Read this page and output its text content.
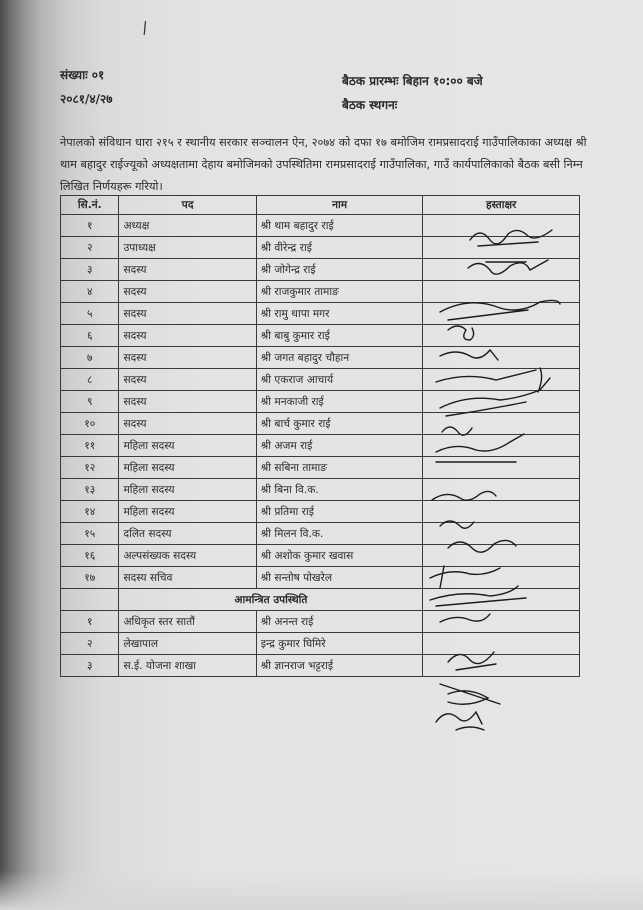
/
संख्याः ०१
२०८१/४/२७
बैठक प्रारम्भः बिहान १०:०० बजे
बैठक स्थगनः
नेपालको संविधान धारा २१५ र स्थानीय सरकार सञ्चालन ऐन, २०७४ को दफा १७ बमोजिम रामप्रसादराई गाउँपालिकाका अध्यक्ष श्री थाम बहादुर राईज्यूको अध्यक्षतामा देहाय बमोजिमको उपस्थितिमा रामप्रसादराई गाउँपालिका, गाउँ कार्यपालिकाको बैठक बसी निम्न लिखित निर्णयहरू गरियो।
सि.नं.	पद	नाम	हस्ताक्षर
१	अध्यक्ष	श्री थाम बहादुर राई	
२	उपाध्यक्ष	श्री वीरेन्द्र राई	
३	सदस्य	श्री जोगेन्द्र राई	
४	सदस्य	श्री राजकुमार तामाङ	
५	सदस्य	श्री रामु थापा मगर	
६	सदस्य	श्री बाबु कुमार राई	
७	सदस्य	श्री जगत बहादुर चौहान	
८	सदस्य	श्री एकराज आचार्य	
९	सदस्य	श्री मनकाजी राई	
१०	सदस्य	श्री बार्च कुमार राई	
११	महिला सदस्य	श्री अजम राई	
१२	महिला सदस्य	श्री सबिना तामाङ	
१३	महिला सदस्य	श्री बिना वि.क.	
१४	महिला सदस्य	श्री प्रतिमा राई	
१५	दलित सदस्य	श्री मिलन वि.क.	
१६	अल्पसंख्यक सदस्य	श्री अशोक कुमार खवास	
१७	सदस्य सचिव	श्री सन्तोष पोखरेल	
	आमन्त्रित उपस्थिति		
१	अधिकृत स्तर सातौं	श्री अनन्त राई	
२	लेखापाल	इन्द्र कुमार घिमिरे	
३	स.ई. योजना शाखा	श्री ज्ञानराज भट्टराई	
